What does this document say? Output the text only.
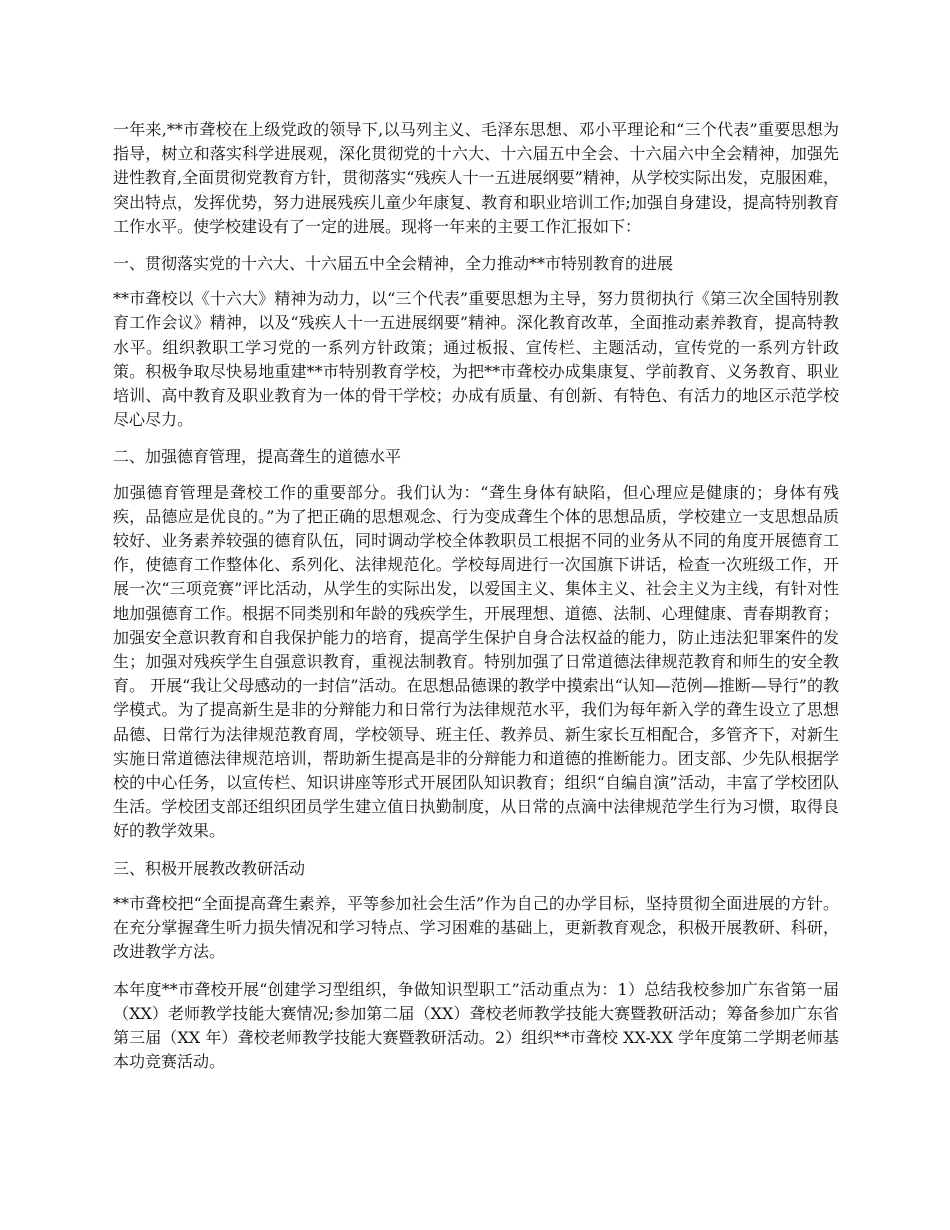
一年来,**市聋校在上级党政的领导下,以马列主义、毛泽东思想、邓小平理论和“三个代表”重要思想为指导，树立和落实科学进展观，深化贯彻党的十六大、十六届五中全会、十六届六中全会精神，加强先进性教育,全面贯彻党教育方针，贯彻落实“残疾人十一五进展纲要”精神，从学校实际出发，克服困难，突出特点，发挥优势，努力进展残疾儿童少年康复、教育和职业培训工作;加强自身建设，提高特别教育工作水平。使学校建设有了一定的进展。现将一年来的主要工作汇报如下：

一、贯彻落实党的十六大、十六届五中全会精神，全力推动**市特别教育的进展

**市聋校以《十六大》精神为动力，以“三个代表”重要思想为主导，努力贯彻执行《第三次全国特别教育工作会议》精神，以及“残疾人十一五进展纲要”精神。深化教育改革，全面推动素养教育，提高特教水平。组织教职工学习党的一系列方针政策；通过板报、宣传栏、主题活动，宣传党的一系列方针政策。积极争取尽快易地重建**市特别教育学校，为把**市聋校办成集康复、学前教育、义务教育、职业培训、高中教育及职业教育为一体的骨干学校；办成有质量、有创新、有特色、有活力的地区示范学校尽心尽力。

二、加强德育管理，提高聋生的道德水平

加强德育管理是聋校工作的重要部分。我们认为：“聋生身体有缺陷，但心理应是健康的；身体有残疾，品德应是优良的。”为了把正确的思想观念、行为变成聋生个体的思想品质，学校建立一支思想品质较好、业务素养较强的德育队伍，同时调动学校全体教职员工根据不同的业务从不同的角度开展德育工作，使德育工作整体化、系列化、法律规范化。学校每周进行一次国旗下讲话，检查一次班级工作，开展一次“三项竞赛”评比活动，从学生的实际出发，以爱国主义、集体主义、社会主义为主线，有针对性地加强德育工作。根据不同类别和年龄的残疾学生，开展理想、道德、法制、心理健康、青春期教育；加强安全意识教育和自我保护能力的培育，提高学生保护自身合法权益的能力，防止违法犯罪案件的发生；加强对残疾学生自强意识教育，重视法制教育。特别加强了日常道德法律规范教育和师生的安全教育。 开展“我让父母感动的一封信”活动。在思想品德课的教学中摸索出“认知—范例—推断—导行”的教学模式。为了提高新生是非的分辩能力和日常行为法律规范水平，我们为每年新入学的聋生设立了思想品德、日常行为法律规范教育周，学校领导、班主任、教养员、新生家长互相配合，多管齐下，对新生实施日常道德法律规范培训，帮助新生提高是非的分辩能力和道德的推断能力。团支部、少先队根据学校的中心任务，以宣传栏、知识讲座等形式开展团队知识教育；组织“自编自演”活动，丰富了学校团队生活。学校团支部还组织团员学生建立值日执勤制度，从日常的点滴中法律规范学生行为习惯，取得良好的教学效果。

三、积极开展教改教研活动

**市聋校把“全面提高聋生素养，平等参加社会生活”作为自己的办学目标，坚持贯彻全面进展的方针。在充分掌握聋生听力损失情况和学习特点、学习困难的基础上，更新教育观念，积极开展教研、科研，改进教学方法。

本年度**市聋校开展“创建学习型组织，争做知识型职工”活动重点为：1）总结我校参加广东省第一届（XX）老师教学技能大赛情况;参加第二届（XX）聋校老师教学技能大赛暨教研活动；筹备参加广东省第三届（XX 年）聋校老师教学技能大赛暨教研活动。2）组织**市聋校 XX-XX 学年度第二学期老师基本功竞赛活动。
